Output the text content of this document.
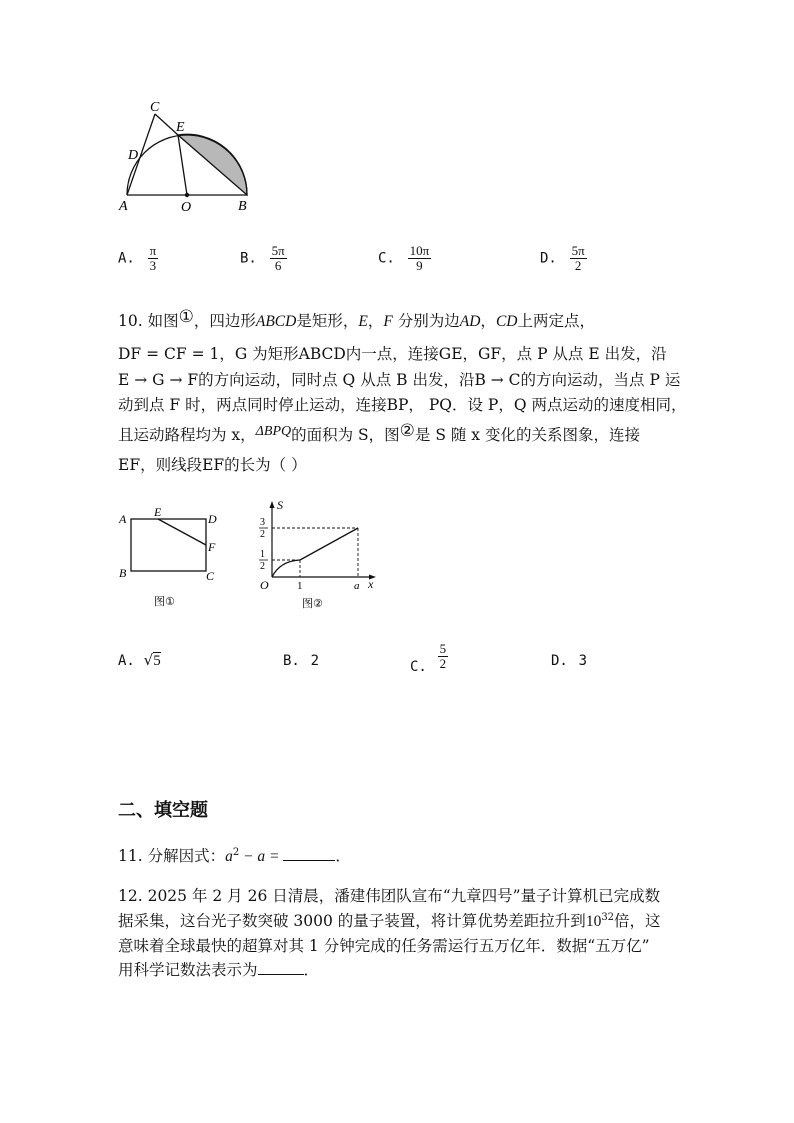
C
D
E
A	O	B
A. $\frac{\pi}{3}$	B. $\frac{5\pi}{6}$	C. $\frac{10\pi}{9}$	D. $\frac{5\pi}{2}$
10. 如图①，四边形ABCD是矩形，E，F 分别为边AD，CD上两定点，
DF = CF = 1，G 为矩形ABCD内一点，连接GE，GF，点 P 从点 E 出发，沿
E → G → F的方向运动，同时点 Q 从点 B 出发，沿B → C的方向运动，当点 P 运
动到点 F 时，两点同时停止运动，连接BP， PQ．设 P，Q 两点运动的速度相同，
且运动路程均为 x，ΔBPQ的面积为 S，图②是 S 随 x 变化的关系图象，连接
EF，则线段EF的长为（ ）
A E	D
F
B	C
图①
S
x
O	1	a
3
2
1
2
图②
A. √5	B. 2	C. $\frac{5}{2}$	D. 3
二、填空题
11. 分解因式：$a^2 - a$ =	．
12. 2025 年 2 月 26 日清晨，潘建伟团队宣布“九章四号”量子计算机已完成数
据采集，这台光子数突破 3000 的量子装置，将计算优势差距拉升到$10^{32}$倍，这
意味着全球最快的超算对其 1 分钟完成的任务需运行五万亿年．数据“五万亿”
用科学记数法表示为	．
